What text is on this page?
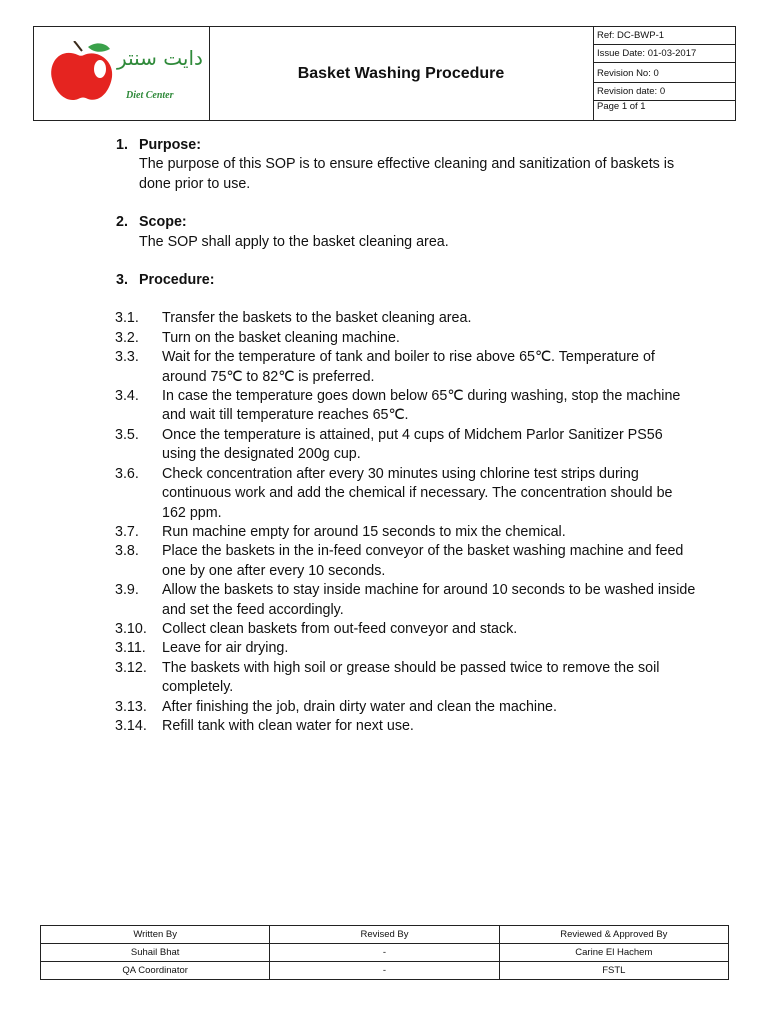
دايت سنتر
Diet Center
Basket Washing Procedure
Ref: DC-BWP-1
Issue Date: 01-03-2017
Revision No: 0
Revision date: 0
Page 1 of 1
1. Purpose:
The purpose of this SOP is to ensure effective cleaning and sanitization of baskets is done prior to use.
2. Scope:
The SOP shall apply to the basket cleaning area.
3. Procedure:
3.1.	Transfer the baskets to the basket cleaning area.
3.2.	Turn on the basket cleaning machine.
3.3.	Wait for the temperature of tank and boiler to rise above 65℃. Temperature of around 75℃ to 82℃ is preferred.
3.4.	In case the temperature goes down below 65℃ during washing, stop the machine and wait till temperature reaches 65℃.
3.5.	Once the temperature is attained, put 4 cups of Midchem Parlor Sanitizer PS56 using the designated 200g cup.
3.6.	Check concentration after every 30 minutes using chlorine test strips during continuous work and add the chemical if necessary. The concentration should be 162 ppm.
3.7.	Run machine empty for around 15 seconds to mix the chemical.
3.8.	Place the baskets in the in-feed conveyor of the basket washing machine and feed one by one after every 10 seconds.
3.9.	Allow the baskets to stay inside machine for around 10 seconds to be washed inside and set the feed accordingly.
3.10.	Collect clean baskets from out-feed conveyor and stack.
3.11.	Leave for air drying.
3.12.	The baskets with high soil or grease should be passed twice to remove the soil completely.
3.13.	After finishing the job, drain dirty water and clean the machine.
3.14.	Refill tank with clean water for next use.
Written By	Revised By	Reviewed & Approved By
Suhail Bhat	-	Carine El Hachem
QA Coordinator	-	FSTL
